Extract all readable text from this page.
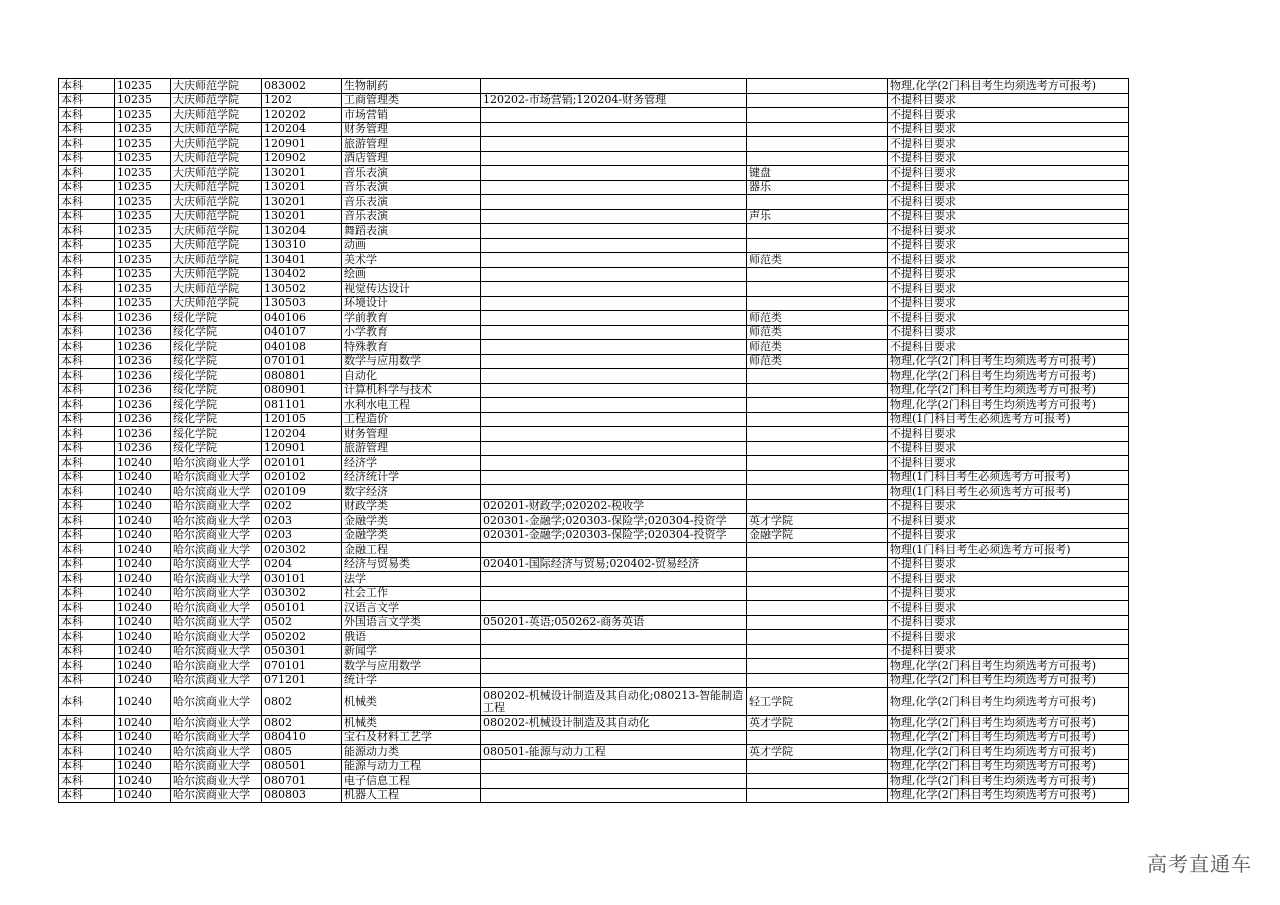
本科	10235	大庆师范学院	083002	生物制药			物理,化学(2门科目考生均须选考方可报考)
本科	10235	大庆师范学院	1202	工商管理类	120202-市场营销;120204-财务管理		不提科目要求
本科	10235	大庆师范学院	120202	市场营销			不提科目要求
本科	10235	大庆师范学院	120204	财务管理			不提科目要求
本科	10235	大庆师范学院	120901	旅游管理			不提科目要求
本科	10235	大庆师范学院	120902	酒店管理			不提科目要求
本科	10235	大庆师范学院	130201	音乐表演		键盘	不提科目要求
本科	10235	大庆师范学院	130201	音乐表演		器乐	不提科目要求
本科	10235	大庆师范学院	130201	音乐表演			不提科目要求
本科	10235	大庆师范学院	130201	音乐表演		声乐	不提科目要求
本科	10235	大庆师范学院	130204	舞蹈表演			不提科目要求
本科	10235	大庆师范学院	130310	动画			不提科目要求
本科	10235	大庆师范学院	130401	美术学		师范类	不提科目要求
本科	10235	大庆师范学院	130402	绘画			不提科目要求
本科	10235	大庆师范学院	130502	视觉传达设计			不提科目要求
本科	10235	大庆师范学院	130503	环境设计			不提科目要求
本科	10236	绥化学院	040106	学前教育		师范类	不提科目要求
本科	10236	绥化学院	040107	小学教育		师范类	不提科目要求
本科	10236	绥化学院	040108	特殊教育		师范类	不提科目要求
本科	10236	绥化学院	070101	数学与应用数学		师范类	物理,化学(2门科目考生均须选考方可报考)
本科	10236	绥化学院	080801	自动化			物理,化学(2门科目考生均须选考方可报考)
本科	10236	绥化学院	080901	计算机科学与技术			物理,化学(2门科目考生均须选考方可报考)
本科	10236	绥化学院	081101	水利水电工程			物理,化学(2门科目考生均须选考方可报考)
本科	10236	绥化学院	120105	工程造价			物理(1门科目考生必须选考方可报考)
本科	10236	绥化学院	120204	财务管理			不提科目要求
本科	10236	绥化学院	120901	旅游管理			不提科目要求
本科	10240	哈尔滨商业大学	020101	经济学			不提科目要求
本科	10240	哈尔滨商业大学	020102	经济统计学			物理(1门科目考生必须选考方可报考)
本科	10240	哈尔滨商业大学	020109	数字经济			物理(1门科目考生必须选考方可报考)
本科	10240	哈尔滨商业大学	0202	财政学类	020201-财政学;020202-税收学		不提科目要求
本科	10240	哈尔滨商业大学	0203	金融学类	020301-金融学;020303-保险学;020304-投资学	英才学院	不提科目要求
本科	10240	哈尔滨商业大学	0203	金融学类	020301-金融学;020303-保险学;020304-投资学	金融学院	不提科目要求
本科	10240	哈尔滨商业大学	020302	金融工程			物理(1门科目考生必须选考方可报考)
本科	10240	哈尔滨商业大学	0204	经济与贸易类	020401-国际经济与贸易;020402-贸易经济		不提科目要求
本科	10240	哈尔滨商业大学	030101	法学			不提科目要求
本科	10240	哈尔滨商业大学	030302	社会工作			不提科目要求
本科	10240	哈尔滨商业大学	050101	汉语言文学			不提科目要求
本科	10240	哈尔滨商业大学	0502	外国语言文学类	050201-英语;050262-商务英语		不提科目要求
本科	10240	哈尔滨商业大学	050202	俄语			不提科目要求
本科	10240	哈尔滨商业大学	050301	新闻学			不提科目要求
本科	10240	哈尔滨商业大学	070101	数学与应用数学			物理,化学(2门科目考生均须选考方可报考)
本科	10240	哈尔滨商业大学	071201	统计学			物理,化学(2门科目考生均须选考方可报考)
本科	10240	哈尔滨商业大学	0802	机械类	080202-机械设计制造及其自动化;080213-智能制造工程	轻工学院	物理,化学(2门科目考生均须选考方可报考)
本科	10240	哈尔滨商业大学	0802	机械类	080202-机械设计制造及其自动化	英才学院	物理,化学(2门科目考生均须选考方可报考)
本科	10240	哈尔滨商业大学	080410	宝石及材料工艺学			物理,化学(2门科目考生均须选考方可报考)
本科	10240	哈尔滨商业大学	0805	能源动力类	080501-能源与动力工程	英才学院	物理,化学(2门科目考生均须选考方可报考)
本科	10240	哈尔滨商业大学	080501	能源与动力工程			物理,化学(2门科目考生均须选考方可报考)
本科	10240	哈尔滨商业大学	080701	电子信息工程			物理,化学(2门科目考生均须选考方可报考)
本科	10240	哈尔滨商业大学	080803	机器人工程			物理,化学(2门科目考生均须选考方可报考)
高考直通车
